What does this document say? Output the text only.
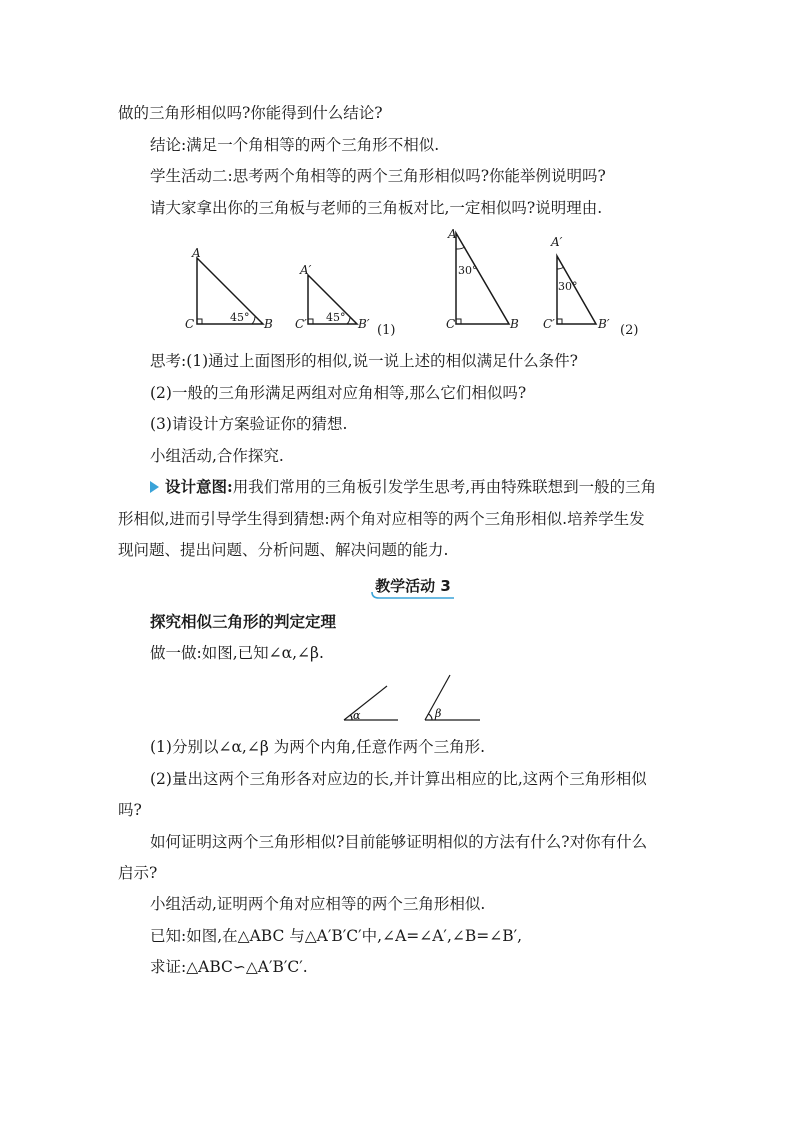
做的三角形相似吗?你能得到什么结论?
结论:满足一个角相等的两个三角形不相似.
学生活动二:思考两个角相等的两个三角形相似吗?你能举例说明吗?
请大家拿出你的三角板与老师的三角板对比,一定相似吗?说明理由.
A
C	B
45°
A′
C′	B′
45°
(1)
A
C	B
30°
A′
C′	B′
30°
(2)
思考:(1)通过上面图形的相似,说一说上述的相似满足什么条件?
(2)一般的三角形满足两组对应角相等,那么它们相似吗?
(3)请设计方案验证你的猜想.
小组活动,合作探究.
设计意图:用我们常用的三角板引发学生思考,再由特殊联想到一般的三角
形相似,进而引导学生得到猜想:两个角对应相等的两个三角形相似.培养学生发
现问题、提出问题、分析问题、解决问题的能力.
教学活动 3
探究相似三角形的判定定理
做一做:如图,已知∠α,∠β.
α	β
(1)分别以∠α,∠β 为两个内角,任意作两个三角形.
(2)量出这两个三角形各对应边的长,并计算出相应的比,这两个三角形相似
吗?
如何证明这两个三角形相似?目前能够证明相似的方法有什么?对你有什么
启示?
小组活动,证明两个角对应相等的两个三角形相似.
已知:如图,在△ABC 与△A′B′C′中,∠A=∠A′,∠B=∠B′,
求证:△ABC∽△A′B′C′.
